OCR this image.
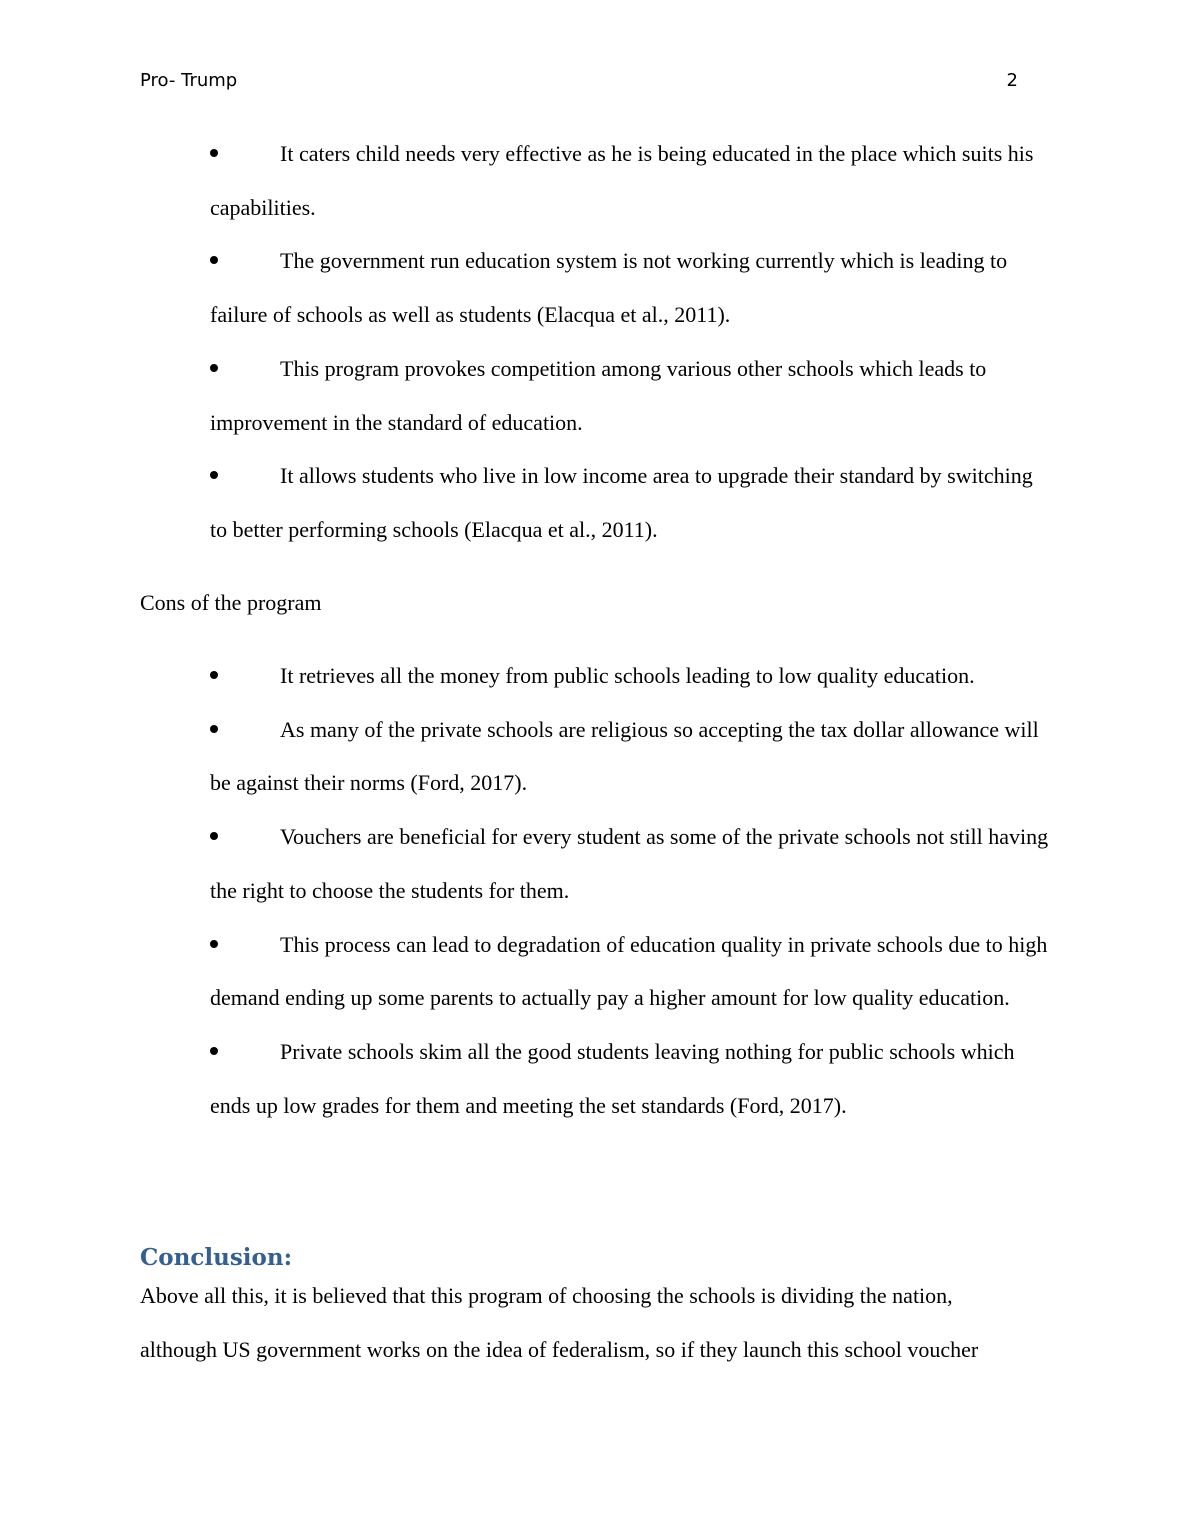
Pro- Trump	2
It caters child needs very effective as he is being educated in the place which suits his capabilities.
The government run education system is not working currently which is leading to failure of schools as well as students (Elacqua et al., 2011).
This program provokes competition among various other schools which leads to improvement in the standard of education.
It allows students who live in low income area to upgrade their standard by switching to better performing schools (Elacqua et al., 2011).
Cons of the program
It retrieves all the money from public schools leading to low quality education.
As many of the private schools are religious so accepting the tax dollar allowance will be against their norms (Ford, 2017).
Vouchers are beneficial for every student as some of the private schools not still having the right to choose the students for them.
This process can lead to degradation of education quality in private schools due to high demand ending up some parents to actually pay a higher amount for low quality education.
Private schools skim all the good students leaving nothing for public schools which ends up low grades for them and meeting the set standards (Ford, 2017).
Conclusion:

Above all this, it is believed that this program of choosing the schools is dividing the nation,
although US government works on the idea of federalism, so if they launch this school voucher
